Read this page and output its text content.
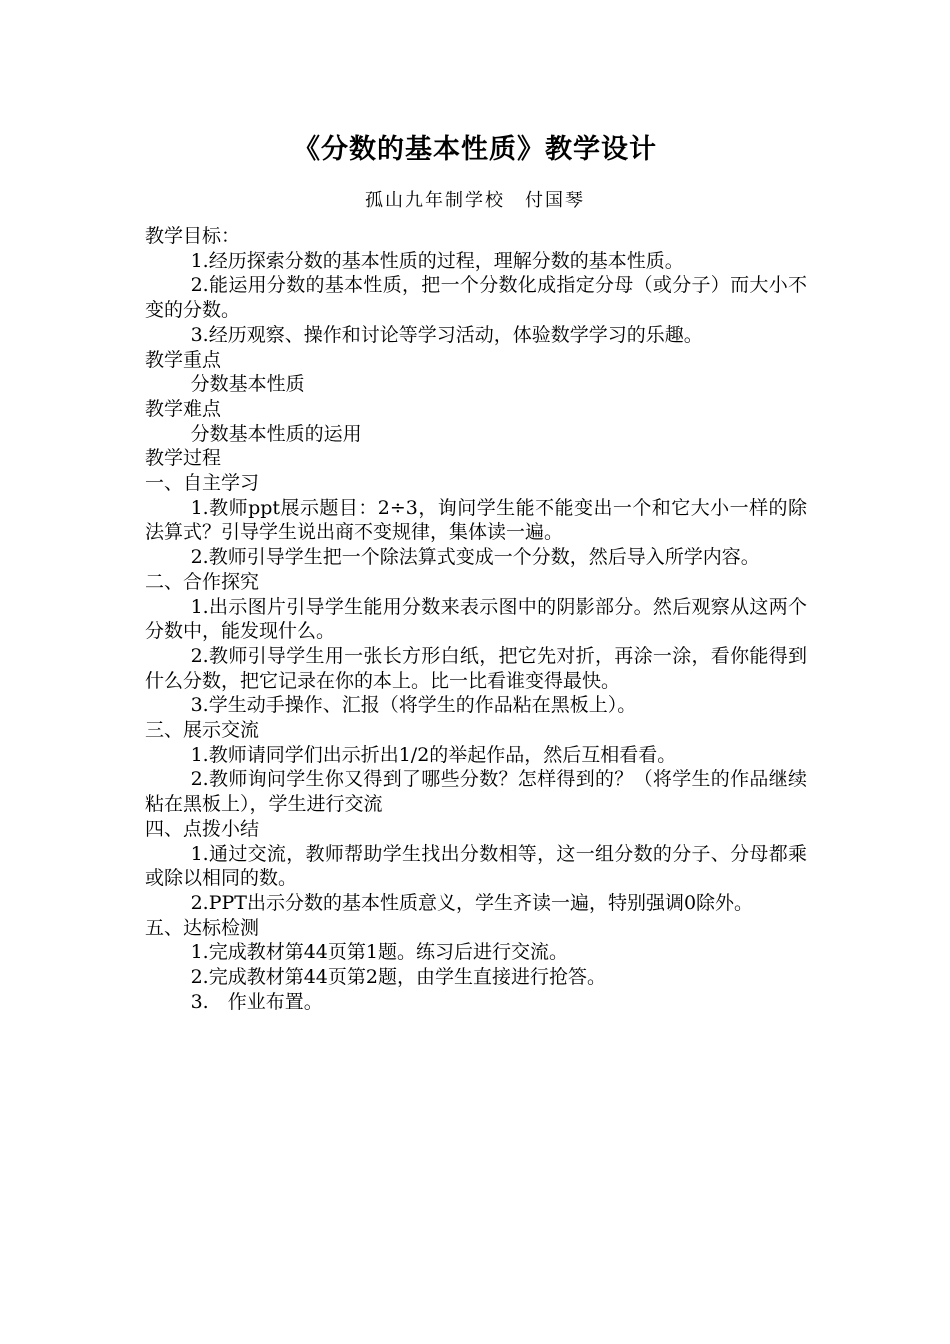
《分数的基本性质》教学设计
孤山九年制学校　付国琴

教学目标：

1.经历探索分数的基本性质的过程，理解分数的基本性质。

2.能运用分数的基本性质，把一个分数化成指定分母（或分子）而大小不变的分数。

3.经历观察、操作和讨论等学习活动，体验数学学习的乐趣。

教学重点

分数基本性质

教学难点

分数基本性质的运用

教学过程

一、自主学习

1.教师ppt展示题目：2÷3，询问学生能不能变出一个和它大小一样的除法算式？引导学生说出商不变规律，集体读一遍。

2.教师引导学生把一个除法算式变成一个分数，然后导入所学内容。

二、合作探究

1.出示图片引导学生能用分数来表示图中的阴影部分。然后观察从这两个分数中，能发现什么。

2.教师引导学生用一张长方形白纸，把它先对折，再涂一涂，看你能得到什么分数，把它记录在你的本上。比一比看谁变得最快。

3.学生动手操作、汇报（将学生的作品粘在黑板上）。

三、展示交流

1.教师请同学们出示折出1/2的举起作品，然后互相看看。

2.教师询问学生你又得到了哪些分数？怎样得到的？（将学生的作品继续粘在黑板上），学生进行交流

四、点拨小结

1.通过交流，教师帮助学生找出分数相等，这一组分数的分子、分母都乘或除以相同的数。

2.PPT出示分数的基本性质意义，学生齐读一遍，特别强调0除外。

五、达标检测

1.完成教材第44页第1题。练习后进行交流。

2.完成教材第44页第2题，由学生直接进行抢答。

3.　作业布置。
